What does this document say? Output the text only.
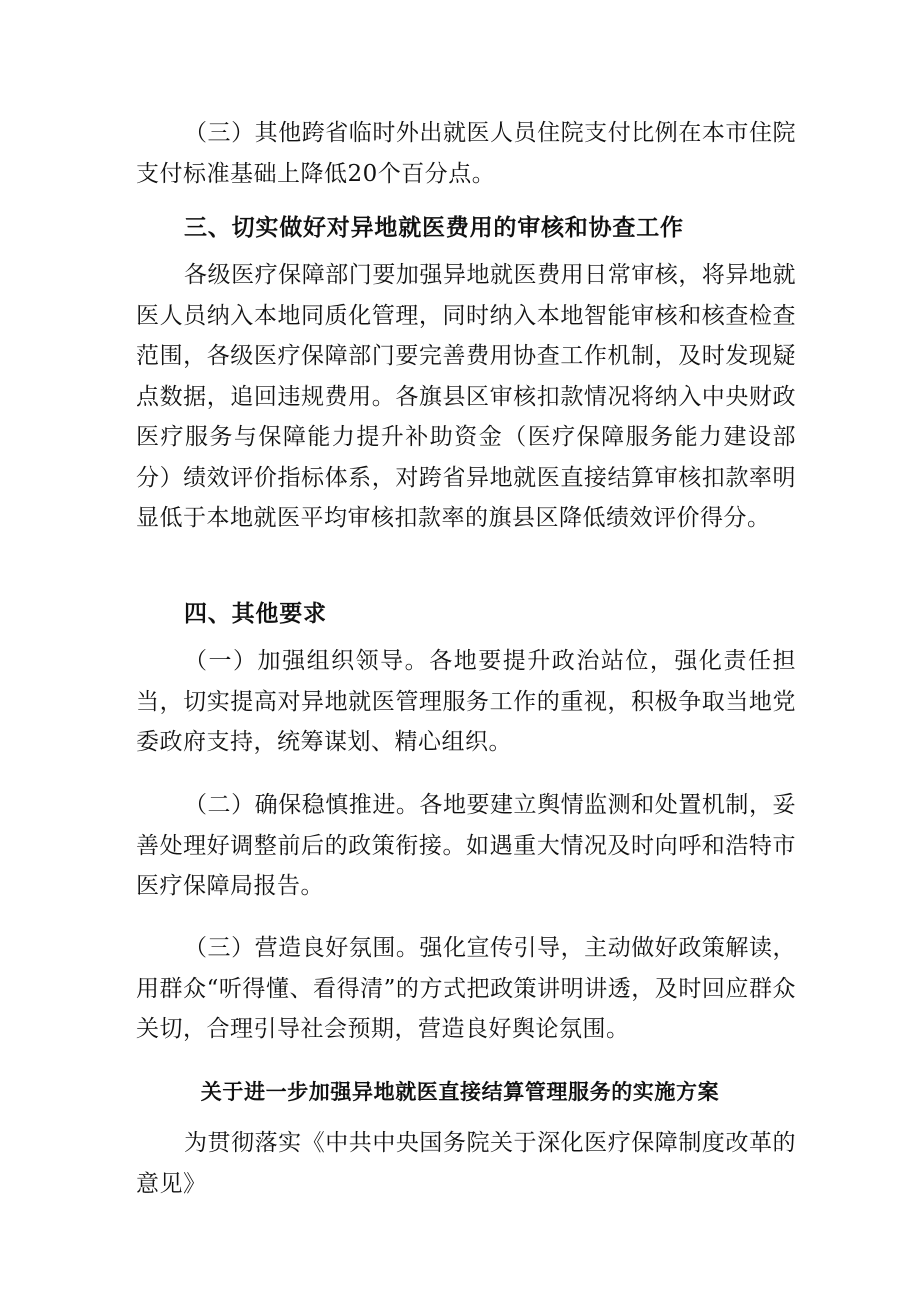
（三）其他跨省临时外出就医人员住院支付比例在本市住院支付标准基础上降低20个百分点。

三、切实做好对异地就医费用的审核和协查工作

各级医疗保障部门要加强异地就医费用日常审核，将异地就医人员纳入本地同质化管理，同时纳入本地智能审核和核查检查范围，各级医疗保障部门要完善费用协查工作机制，及时发现疑点数据，追回违规费用。各旗县区审核扣款情况将纳入中央财政医疗服务与保障能力提升补助资金（医疗保障服务能力建设部分）绩效评价指标体系，对跨省异地就医直接结算审核扣款率明显低于本地就医平均审核扣款率的旗县区降低绩效评价得分。

四、其他要求

（一）加强组织领导。各地要提升政治站位，强化责任担当，切实提高对异地就医管理服务工作的重视，积极争取当地党委政府支持，统筹谋划、精心组织。

（二）确保稳慎推进。各地要建立舆情监测和处置机制，妥善处理好调整前后的政策衔接。如遇重大情况及时向呼和浩特市医疗保障局报告。

（三）营造良好氛围。强化宣传引导，主动做好政策解读，用群众“听得懂、看得清”的方式把政策讲明讲透，及时回应群众关切，合理引导社会预期，营造良好舆论氛围。

关于进一步加强异地就医直接结算管理服务的实施方案

为贯彻落实《中共中央国务院关于深化医疗保障制度改革的意见》
